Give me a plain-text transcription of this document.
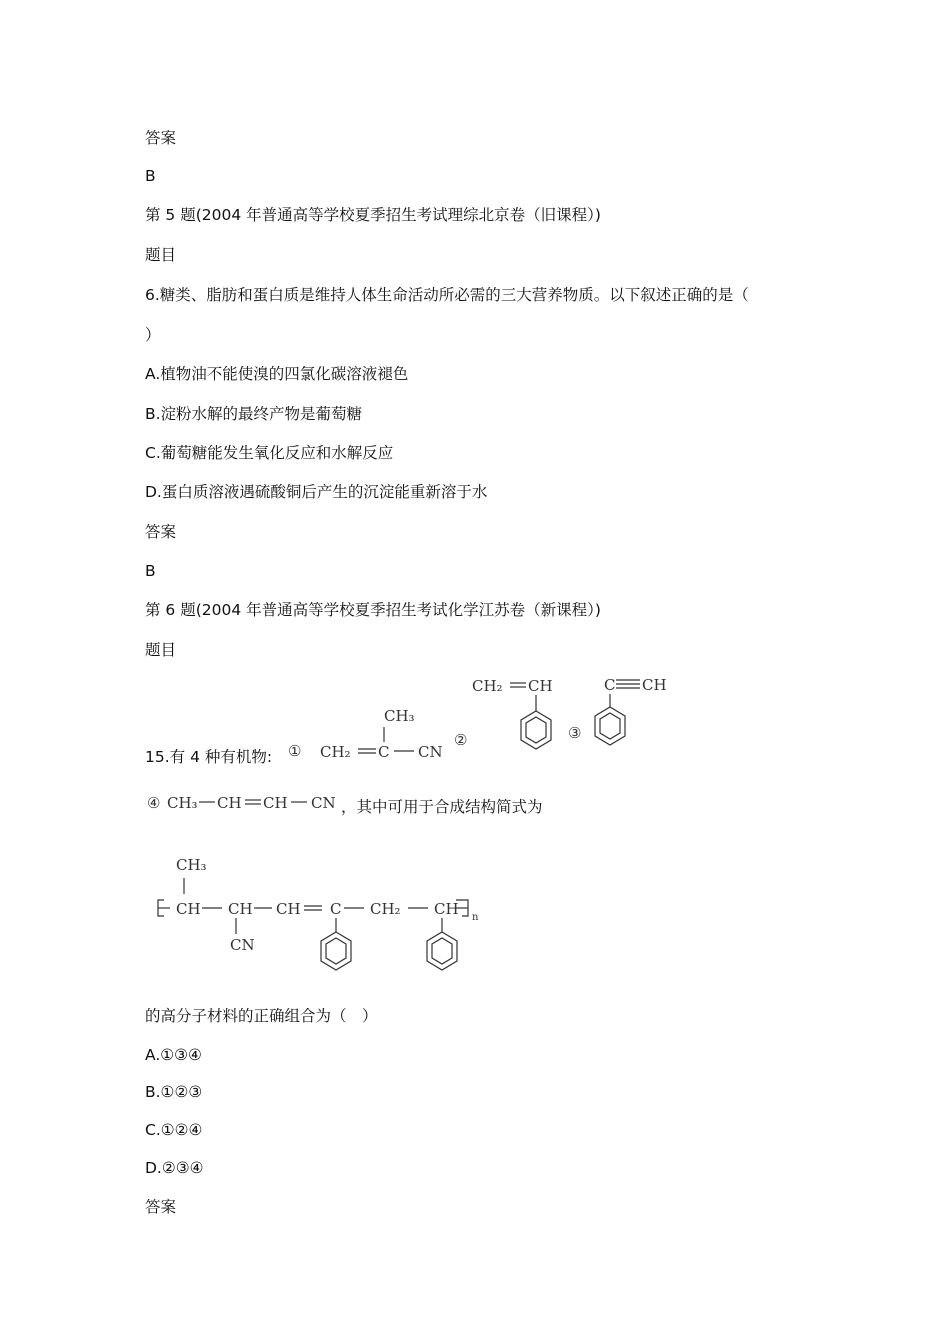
答案
B
第 5 题(2004 年普通高等学校夏季招生考试理综北京卷（旧课程）)
题目
6.糖类、脂肪和蛋白质是维持人体生命活动所必需的三大营养物质。以下叙述正确的是（
）
A.植物油不能使溴的四氯化碳溶液褪色
B.淀粉水解的最终产物是葡萄糖
C.葡萄糖能发生氧化反应和水解反应
D.蛋白质溶液遇硫酸铜后产生的沉淀能重新溶于水
答案
B
第 6 题(2004 年普通高等学校夏季招生考试化学江苏卷（新课程）)
题目
15.有 4 种有机物:
，其中可用于合成结构简式为
的高分子材料的正确组合为（　）
A.①③④
B.①②③
C.①②④
D.②③④
答案
① CH₂ C
CH₃
CN
②
CH₂ CH
③
C CH
④ CH₃ CH CH CN
CH
CH₃
CH
CN
CH C CH₂ CH n
